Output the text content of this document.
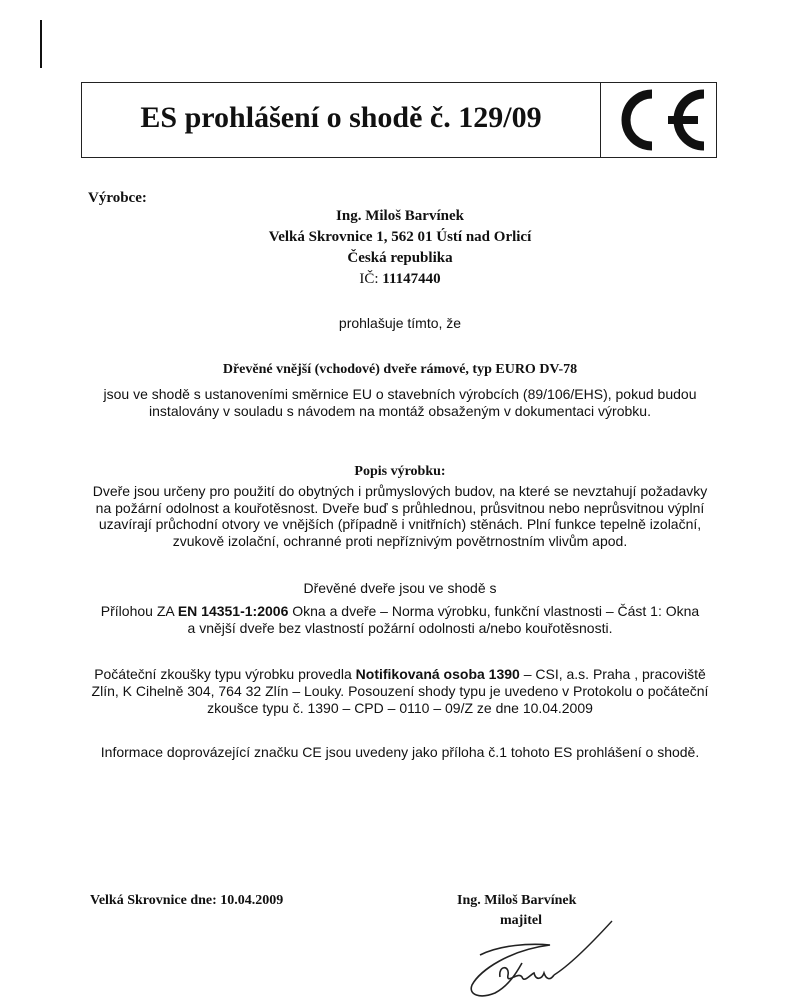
ES prohlášení o shodě č. 129/09
Výrobce:
Ing. Miloš Barvínek
Velká Skrovnice 1, 562 01 Ústí nad Orlicí
Česká republika
IČ: 11147440
prohlašuje tímto, že
Dřevěné vnější (vchodové) dveře rámové, typ EURO DV-78
jsou ve shodě s ustanoveními směrnice EU o stavebních výrobcích (89/106/EHS), pokud budou
instalovány v souladu s návodem na montáž obsaženým v dokumentaci výrobku.
Popis výrobku:
Dveře jsou určeny pro použití do obytných i průmyslových budov, na které se nevztahují požadavky
na požární odolnost a kouřotěsnost. Dveře buď s průhlednou, průsvitnou nebo neprůsvitnou výplní
uzavírají průchodní otvory ve vnějších (případně i vnitřních) stěnách. Plní funkce tepelně izolační,
zvukově izolační, ochranné proti nepříznivým povětrnostním vlivům apod.
Dřevěné dveře jsou ve shodě s
Přílohou ZA EN 14351-1:2006 Okna a dveře – Norma výrobku, funkční vlastnosti – Část 1: Okna
a vnější dveře bez vlastností požární odolnosti a/nebo kouřotěsnosti.
Počáteční zkoušky typu výrobku provedla Notifikovaná osoba 1390 – CSI, a.s. Praha , pracoviště
Zlín, K Cihelně 304, 764 32 Zlín – Louky. Posouzení shody typu je uvedeno v Protokolu o počáteční
zkoušce typu č. 1390 – CPD – 0110 – 09/Z ze dne 10.04.2009
Informace doprovázející značku CE jsou uvedeny jako příloha č.1 tohoto ES prohlášení o shodě.
Velká Skrovnice dne: 10.04.2009	Ing. Miloš Barvínek
majitel
